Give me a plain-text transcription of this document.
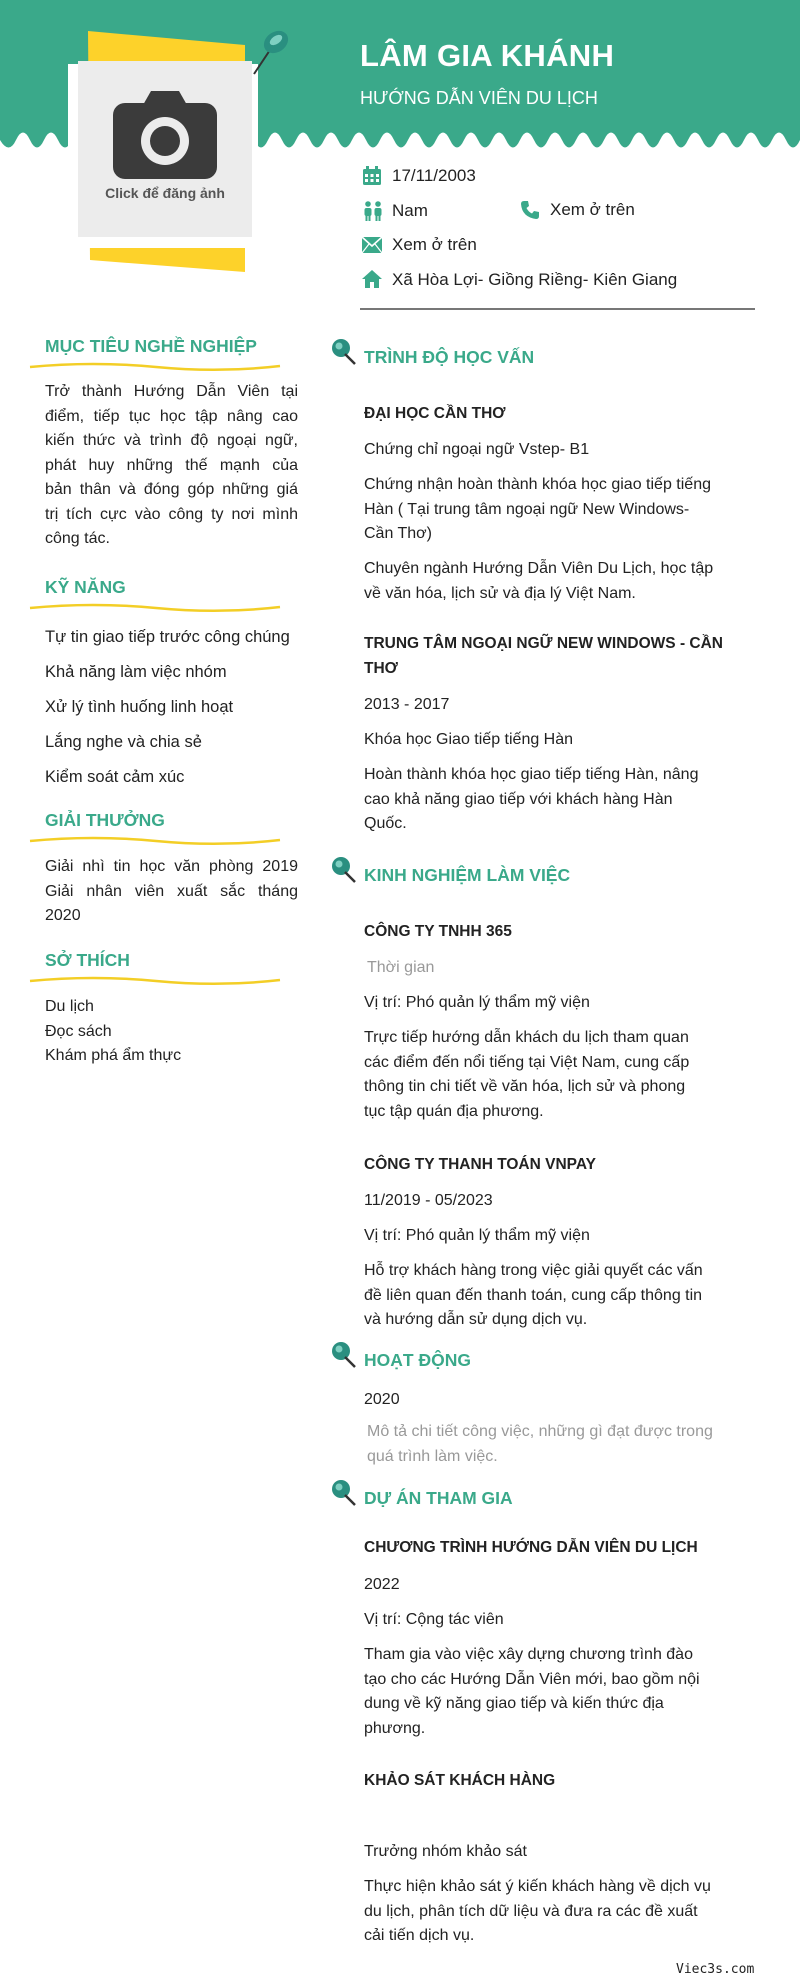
LÂM GIA KHÁNH
HƯỚNG DẪN VIÊN DU LỊCH
Click để đăng ảnh
17/11/2003
Nam	Xem ở trên
Xem ở trên
Xã Hòa Lợi- Giồng Riềng- Kiên Giang
MỤC TIÊU NGHỀ NGHIỆP
Trở thành Hướng Dẫn Viên tại
điểm, tiếp tục học tập nâng cao
kiến thức và trình độ ngoại ngữ,
phát huy những thế mạnh của
bản thân và đóng góp những giá
trị tích cực vào công ty nơi mình
công tác.
KỸ NĂNG
Tự tin giao tiếp trước công chúng
Khả năng làm việc nhóm
Xử lý tình huống linh hoạt
Lắng nghe và chia sẻ
Kiểm soát cảm xúc
GIẢI THƯỞNG
Giải nhì tin học văn phòng 2019
Giải nhân viên xuất sắc tháng
2020
SỞ THÍCH
Du lịch
Đọc sách
Khám phá ẩm thực
TRÌNH ĐỘ HỌC VẤN
ĐẠI HỌC CẦN THƠ
Chứng chỉ ngoại ngữ Vstep- B1
Chứng nhận hoàn thành khóa học giao tiếp tiếng
Hàn ( Tại trung tâm ngoại ngữ New Windows-
Cần Thơ)
Chuyên ngành Hướng Dẫn Viên Du Lịch, học tập
về văn hóa, lịch sử và địa lý Việt Nam.
TRUNG TÂM NGOẠI NGỮ NEW WINDOWS - CẦN
THƠ
2013 - 2017
Khóa học Giao tiếp tiếng Hàn
Hoàn thành khóa học giao tiếp tiếng Hàn, nâng
cao khả năng giao tiếp với khách hàng Hàn
Quốc.
KINH NGHIỆM LÀM VIỆC
CÔNG TY TNHH 365
Thời gian
Vị trí: Phó quản lý thẩm mỹ viện
Trực tiếp hướng dẫn khách du lịch tham quan
các điểm đến nổi tiếng tại Việt Nam, cung cấp
thông tin chi tiết về văn hóa, lịch sử và phong
tục tập quán địa phương.
CÔNG TY THANH TOÁN VNPAY
11/2019 - 05/2023
Vị trí: Phó quản lý thẩm mỹ viện
Hỗ trợ khách hàng trong việc giải quyết các vấn
đề liên quan đến thanh toán, cung cấp thông tin
và hướng dẫn sử dụng dịch vụ.
HOẠT ĐỘNG
2020
Mô tả chi tiết công việc, những gì đạt được trong
quá trình làm việc.
DỰ ÁN THAM GIA
CHƯƠNG TRÌNH HƯỚNG DẪN VIÊN DU LỊCH
2022
Vị trí: Cộng tác viên
Tham gia vào việc xây dựng chương trình đào
tạo cho các Hướng Dẫn Viên mới, bao gồm nội
dung về kỹ năng giao tiếp và kiến thức địa
phương.
KHẢO SÁT KHÁCH HÀNG
Trưởng nhóm khảo sát
Thực hiện khảo sát ý kiến khách hàng về dịch vụ
du lịch, phân tích dữ liệu và đưa ra các đề xuất
cải tiến dịch vụ.
Viec3s.com
